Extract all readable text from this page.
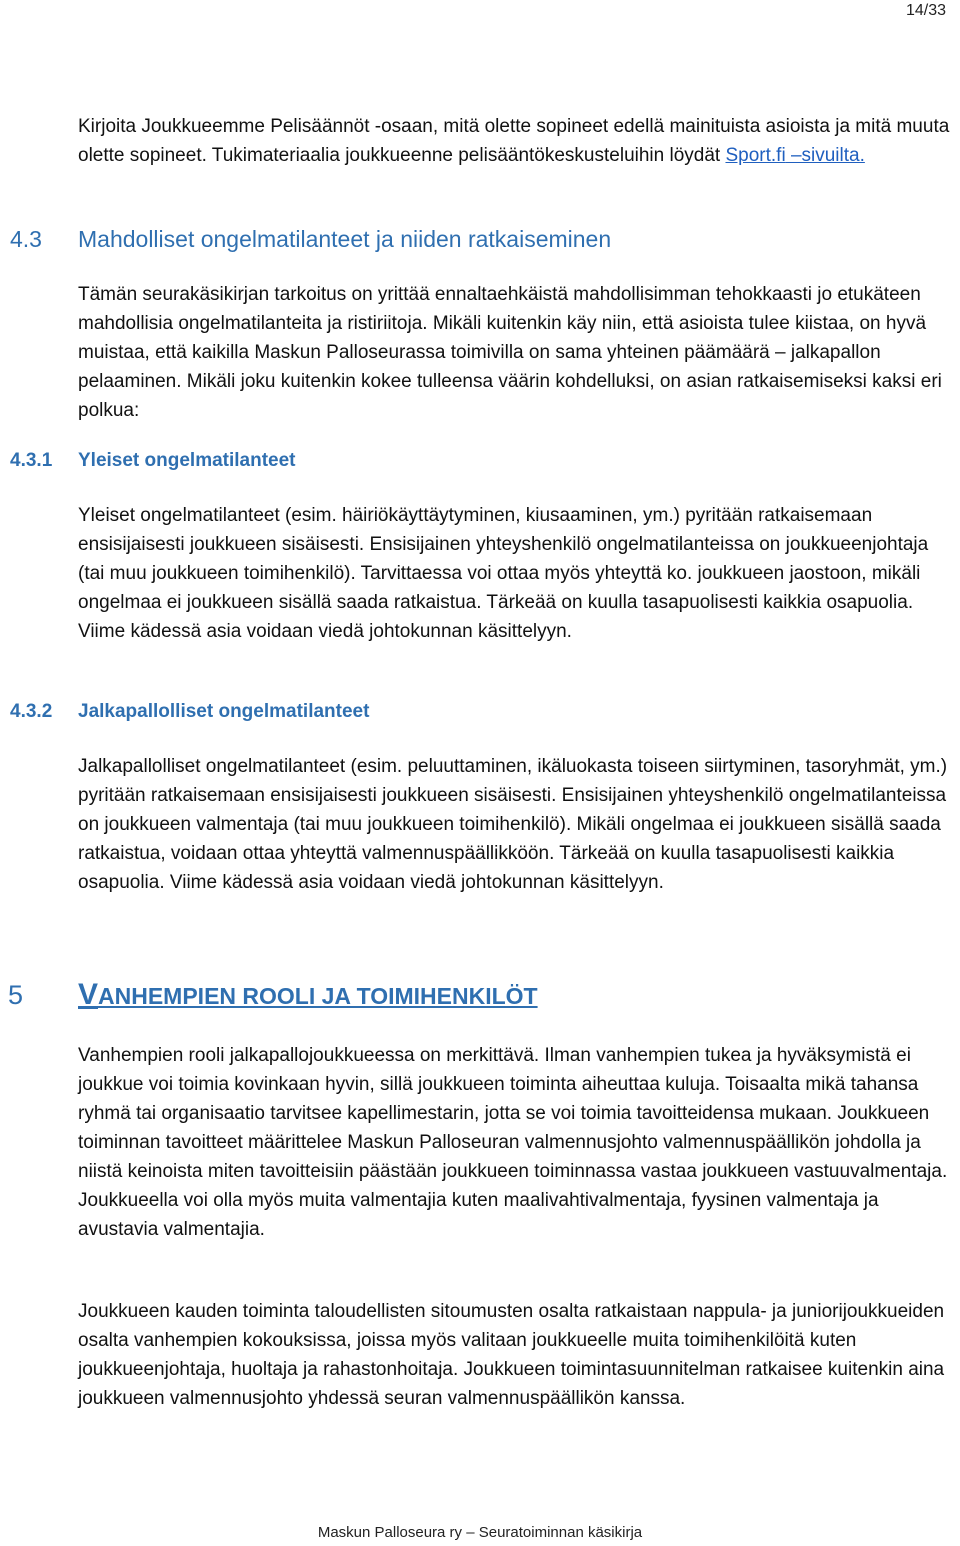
14/33

Kirjoita Joukkueemme Pelisäännöt -osaan, mitä olette sopineet edellä mainituista asioista ja mitä muuta olette sopineet. Tukimateriaalia joukkueenne pelisääntökeskusteluihin löydät Sport.fi –sivuilta.

4.3 Mahdolliset ongelmatilanteet ja niiden ratkaiseminen

Tämän seurakäsikirjan tarkoitus on yrittää ennaltaehkäistä mahdollisimman tehokkaasti jo etukäteen mahdollisia ongelmatilanteita ja ristiriitoja. Mikäli kuitenkin käy niin, että asioista tulee kiistaa, on hyvä muistaa, että kaikilla Maskun Palloseurassa toimivilla on sama yhteinen päämäärä – jalkapallon pelaaminen. Mikäli joku kuitenkin kokee tulleensa väärin kohdelluksi, on asian ratkaisemiseksi kaksi eri polkua:

4.3.1 Yleiset ongelmatilanteet

Yleiset ongelmatilanteet (esim. häiriökäyttäytyminen, kiusaaminen, ym.) pyritään ratkaisemaan ensisijaisesti joukkueen sisäisesti. Ensisijainen yhteyshenkilö ongelmatilanteissa on joukkueenjohtaja (tai muu joukkueen toimihenkilö). Tarvittaessa voi ottaa myös yhteyttä ko. joukkueen jaostoon, mikäli ongelmaa ei joukkueen sisällä saada ratkaistua. Tärkeää on kuulla tasapuolisesti kaikkia osapuolia. Viime kädessä asia voidaan viedä johtokunnan käsittelyyn.

4.3.2 Jalkapallolliset ongelmatilanteet

Jalkapallolliset ongelmatilanteet (esim. peluuttaminen, ikäluokasta toiseen siirtyminen, tasoryhmät, ym.) pyritään ratkaisemaan ensisijaisesti joukkueen sisäisesti. Ensisijainen yhteyshenkilö ongelmatilanteissa on joukkueen valmentaja (tai muu joukkueen toimihenkilö). Mikäli ongelmaa ei joukkueen sisällä saada ratkaistua, voidaan ottaa yhteyttä valmennuspäällikköön. Tärkeää on kuulla tasapuolisesti kaikkia osapuolia. Viime kädessä asia voidaan viedä johtokunnan käsittelyyn.

5 VANHEMPIEN ROOLI JA TOIMIHENKILÖT

Vanhempien rooli jalkapallojoukkueessa on merkittävä. Ilman vanhempien tukea ja hyväksymistä ei joukkue voi toimia kovinkaan hyvin, sillä joukkueen toiminta aiheuttaa kuluja. Toisaalta mikä tahansa ryhmä tai organisaatio tarvitsee kapellimestarin, jotta se voi toimia tavoitteidensa mukaan. Joukkueen toiminnan tavoitteet määrittelee Maskun Palloseuran valmennusjohto valmennuspäällikön johdolla ja niistä keinoista miten tavoitteisiin päästään joukkueen toiminnassa vastaa joukkueen vastuuvalmentaja. Joukkueella voi olla myös muita valmentajia kuten maalivahtivalmentaja, fyysinen valmentaja ja avustavia valmentajia.

Joukkueen kauden toiminta taloudellisten sitoumusten osalta ratkaistaan nappula- ja juniorijoukkueiden osalta vanhempien kokouksissa, joissa myös valitaan joukkueelle muita toimihenkilöitä kuten joukkueenjohtaja, huoltaja ja rahastonhoitaja. Joukkueen toimintasuunnitelman ratkaisee kuitenkin aina joukkueen valmennusjohto yhdessä seuran valmennuspäällikön kanssa.

Maskun Palloseura ry – Seuratoiminnan käsikirja
